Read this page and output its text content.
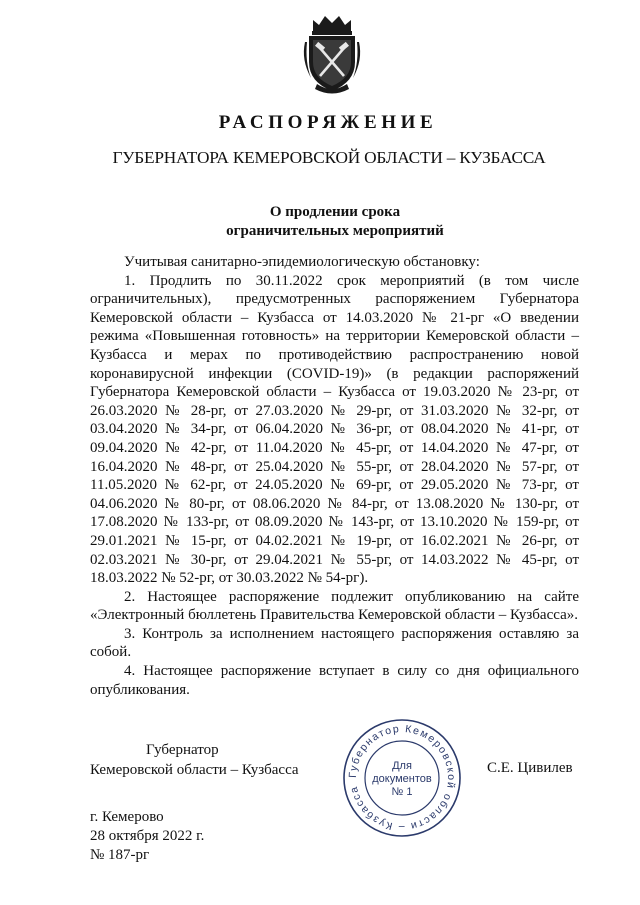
РАСПОРЯЖЕНИЕ
ГУБЕРНАТОРА КЕМЕРОВСКОЙ ОБЛАСТИ – КУЗБАССА
О продлении срока
ограничительных мероприятий

Учитывая санитарно-эпидемиологическую обстановку:

1. Продлить по 30.11.2022 срок мероприятий (в том числе ограничительных), предусмотренных распоряжением Губернатора Кемеровской области – Кузбасса от 14.03.2020 № 21-рг «О введении режима «Повышенная готовность» на территории Кемеровской области – Кузбасса и мерах по противодействию распространению новой коронавирусной инфекции (COVID-19)» (в редакции распоряжений Губернатора Кемеровской области – Кузбасса от 19.03.2020 № 23-рг, от 26.03.2020 № 28-рг, от 27.03.2020 № 29-рг, от 31.03.2020 № 32-рг, от 03.04.2020 № 34-рг, от 06.04.2020 № 36-рг, от 08.04.2020 № 41-рг, от 09.04.2020 № 42-рг, от 11.04.2020 № 45-рг, от 14.04.2020 № 47-рг, от 16.04.2020 № 48-рг, от 25.04.2020 № 55-рг, от 28.04.2020 № 57-рг, от 11.05.2020 № 62-рг, от 24.05.2020 № 69-рг, от 29.05.2020 № 73-рг, от 04.06.2020 № 80-рг, от 08.06.2020 № 84-рг, от 13.08.2020 № 130-рг, от 17.08.2020 № 133-рг, от 08.09.2020 № 143-рг, от 13.10.2020 № 159-рг, от 29.01.2021 № 15-рг, от 04.02.2021 № 19-рг, от 16.02.2021 № 26-рг, от 02.03.2021 № 30-рг, от 29.04.2021 № 55-рг, от 14.03.2022 № 45-рг, от 18.03.2022 № 52-рг, от 30.03.2022 № 54-рг).

2. Настоящее распоряжение подлежит опубликованию на сайте «Электронный бюллетень Правительства Кемеровской области – Кузбасса».

3. Контроль за исполнением настоящего распоряжения оставляю за собой.

4. Настоящее распоряжение вступает в силу со дня официального опубликования.

Губернатор
Кемеровской области – Кузбасса	Губернатор Кемеровской области – Кузбасса
Для
документов
№ 1
С.Е. Цивилев
г. Кемерово
28 октября 2022 г.
№ 187-рг
